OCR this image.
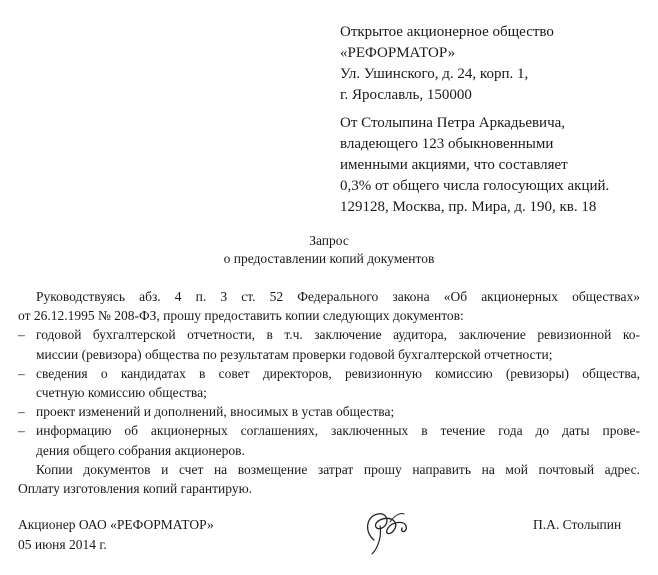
Открытое акционерное общество
«РЕФОРМАТОР»
Ул. Ушинского, д. 24, корп. 1,
г. Ярославль, 150000
От Столыпина Петра Аркадьевича,
владеющего 123 обыкновенными
именными акциями, что составляет
0,3% от общего числа голосующих акций.
129128, Москва, пр. Мира, д. 190, кв. 18
Запрос
о предоставлении копий документов
Руководствуясь абз. 4 п. 3 ст. 52 Федерального закона «Об акционерных обществах»
от 26.12.1995 № 208-ФЗ, прошу предоставить копии следующих документов:
– годовой бухгалтерской отчетности, в т.ч. заключение аудитора, заключение ревизионной ко-
миссии (ревизора) общества по результатам проверки годовой бухгалтерской отчетности;
– сведения о кандидатах в совет директоров, ревизионную комиссию (ревизоры) общества,
счетную комиссию общества;
– проект изменений и дополнений, вносимых в устав общества;
– информацию об акционерных соглашениях, заключенных в течение года до даты прове-
дения общего собрания акционеров.
Копии документов и счет на возмещение затрат прошу направить на мой почтовый адрес.
Оплату изготовления копий гарантирую.
Акционер ОАО «РЕФОРМАТОР»
05 июня 2014 г.
П.А. Столыпин
